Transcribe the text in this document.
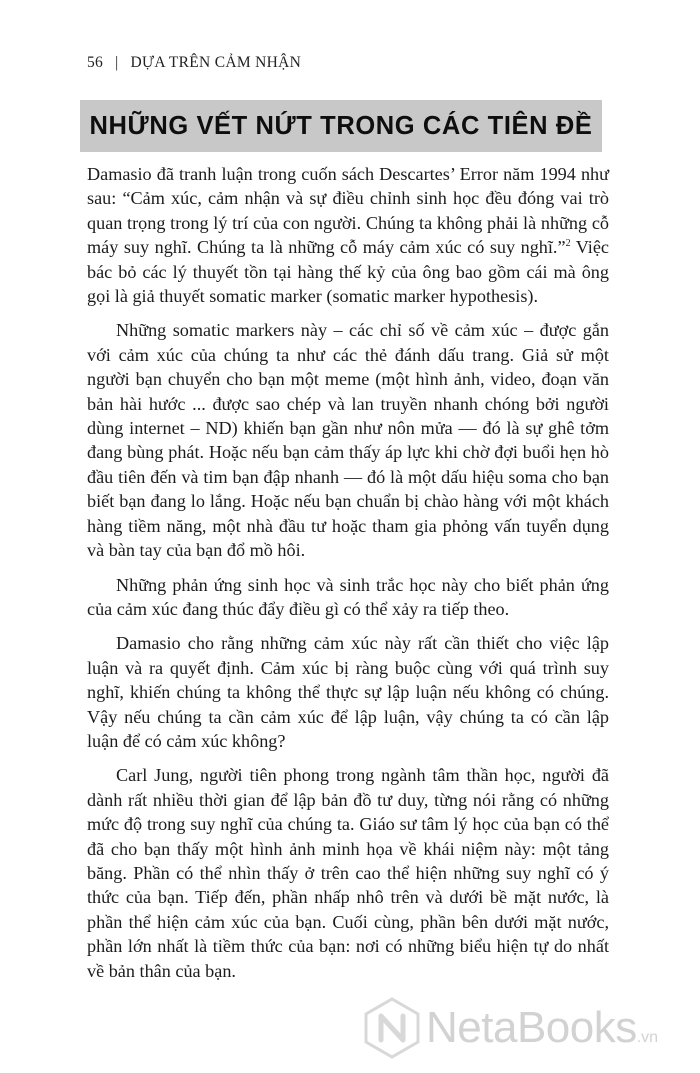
56 | DỰA TRÊN CẢM NHẬN
NHỮNG VẾT NỨT TRONG CÁC TIÊN ĐỀ

Damasio đã tranh luận trong cuốn sách Descartes’ Error năm 1994 như sau: “Cảm xúc, cảm nhận và sự điều chỉnh sinh học đều đóng vai trò quan trọng trong lý trí của con người. Chúng ta không phải là những cỗ máy suy nghĩ. Chúng ta là những cỗ máy cảm xúc có suy nghĩ.”$^2$ Việc bác bỏ các lý thuyết tồn tại hàng thế kỷ của ông bao gồm cái mà ông gọi là giả thuyết somatic marker (somatic marker hypothesis).

Những somatic markers này – các chỉ số về cảm xúc – được gắn với cảm xúc của chúng ta như các thẻ đánh dấu trang. Giả sử một người bạn chuyển cho bạn một meme (một hình ảnh, video, đoạn văn bản hài hước ... được sao chép và lan truyền nhanh chóng bởi người dùng internet – ND) khiến bạn gần như nôn mửa — đó là sự ghê tởm đang bùng phát. Hoặc nếu bạn cảm thấy áp lực khi chờ đợi buổi hẹn hò đầu tiên đến và tim bạn đập nhanh — đó là một dấu hiệu soma cho bạn biết bạn đang lo lắng. Hoặc nếu bạn chuẩn bị chào hàng với một khách hàng tiềm năng, một nhà đầu tư hoặc tham gia phỏng vấn tuyển dụng và bàn tay của bạn đổ mồ hôi.

Những phản ứng sinh học và sinh trắc học này cho biết phản ứng của cảm xúc đang thúc đẩy điều gì có thể xảy ra tiếp theo.

Damasio cho rằng những cảm xúc này rất cần thiết cho việc lập luận và ra quyết định. Cảm xúc bị ràng buộc cùng với quá trình suy nghĩ, khiến chúng ta không thể thực sự lập luận nếu không có chúng. Vậy nếu chúng ta cần cảm xúc để lập luận, vậy chúng ta có cần lập luận để có cảm xúc không?

Carl Jung, người tiên phong trong ngành tâm thần học, người đã dành rất nhiều thời gian để lập bản đồ tư duy, từng nói rằng có những mức độ trong suy nghĩ của chúng ta. Giáo sư tâm lý học của bạn có thể đã cho bạn thấy một hình ảnh minh họa về khái niệm này: một tảng băng. Phần có thể nhìn thấy ở trên cao thể hiện những suy nghĩ có ý thức của bạn. Tiếp đến, phần nhấp nhô trên và dưới bề mặt nước, là phần thể hiện cảm xúc của bạn. Cuối cùng, phần bên dưới mặt nước, phần lớn nhất là tiềm thức của bạn: nơi có những biểu hiện tự do nhất về bản thân của bạn.

NetaBooks.vn
